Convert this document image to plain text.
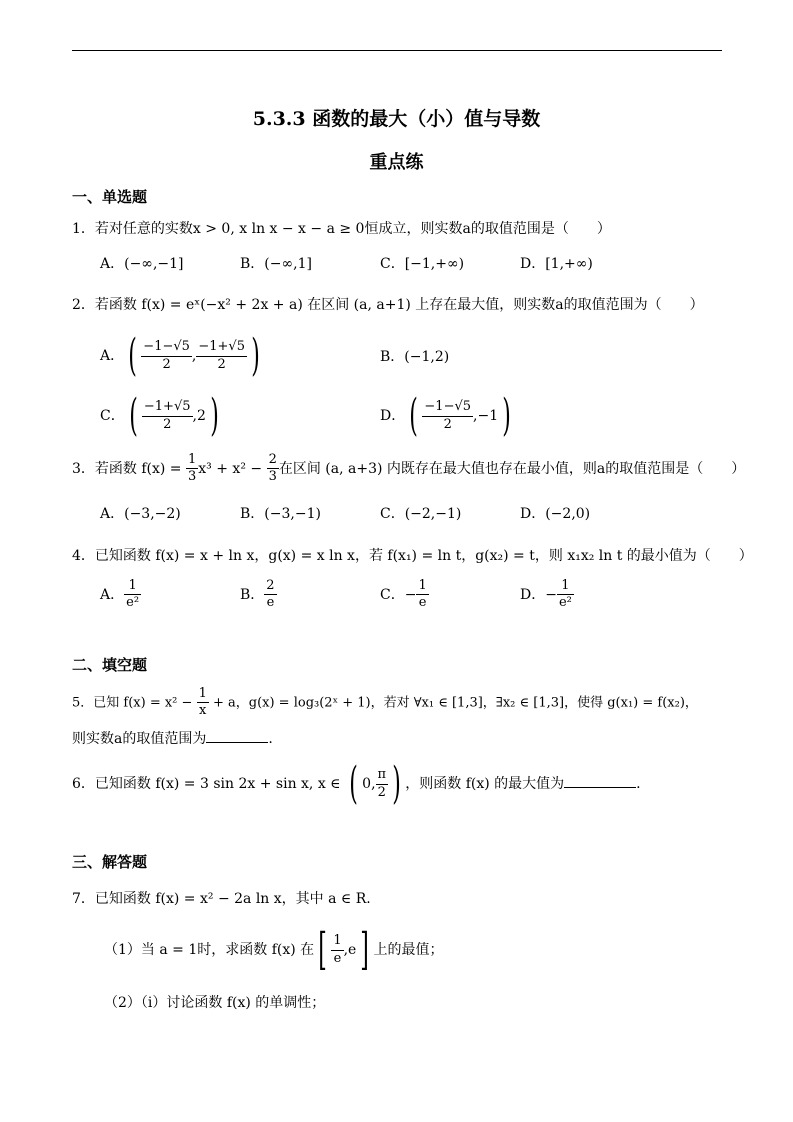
5.3.3 函数的最大（小）值与导数
重点练
一、单选题
1．若对任意的实数x > 0, x ln x − x − a ≥ 0恒成立，则实数a的取值范围是（　　）
A．(−∞,−1]	B．(−∞,1]	C．[−1,+∞)	D．[1,+∞)
2．若函数 f(x) = eˣ(−x² + 2x + a) 在区间 (a, a+1) 上存在最大值，则实数a的取值范围为（　　）
A．( $\frac{-1-√5}{2}$ , $\frac{-1+√5}{2}$ )	B．(−1,2)
C．( $\frac{-1+√5}{2} ,2$)	D．( $\frac{-1-√5}{2} ,-1$)
3．若函数 $f(x) = \frac{1}{3} x^3 + x^2 - \frac{2}{3}$ 在区间 (a, a+3) 内既存在最大值也存在最小值，则a的取值范围是（　　）
A．(−3,−2)	B．(−3,−1)	C．(−2,−1)	D．(−2,0)
4．已知函数 f(x) = x + ln x，g(x) = x ln x，若 f(x₁) = ln t，g(x₂) = t，则 x₁x₂ ln t 的最小值为（　　）
A． $\frac{1}{\text{e²}}$	B． $\frac{2}{e}$	C．− $\frac{1}{e}$	D．− $\frac{1}{\text{e²}}$
二、填空题
5．已知 $f(x) = x^2 - \frac{1}{x} + a$，g(x) = log₃(2ˣ + 1)，若对 ∀x₁ ∈ [1,3]，∃x₂ ∈ [1,3]，使得 g(x₁) = f(x₂)，
则实数a的取值范围为	.
6．已知函数 f(x) = 3 sin 2x + sin x, x ∈ ( 0, $\frac{\pi}{2}$ ) ，则函数 f(x) 的最大值为	.
三、解答题
7．已知函数 f(x) = x² − 2a ln x，其中 a ∈ R.
（1）当 a = 1时，求函数 f(x) 在[ $\frac{1}{e} ,e$] 上的最值；
（2）（i）讨论函数 f(x) 的单调性；
